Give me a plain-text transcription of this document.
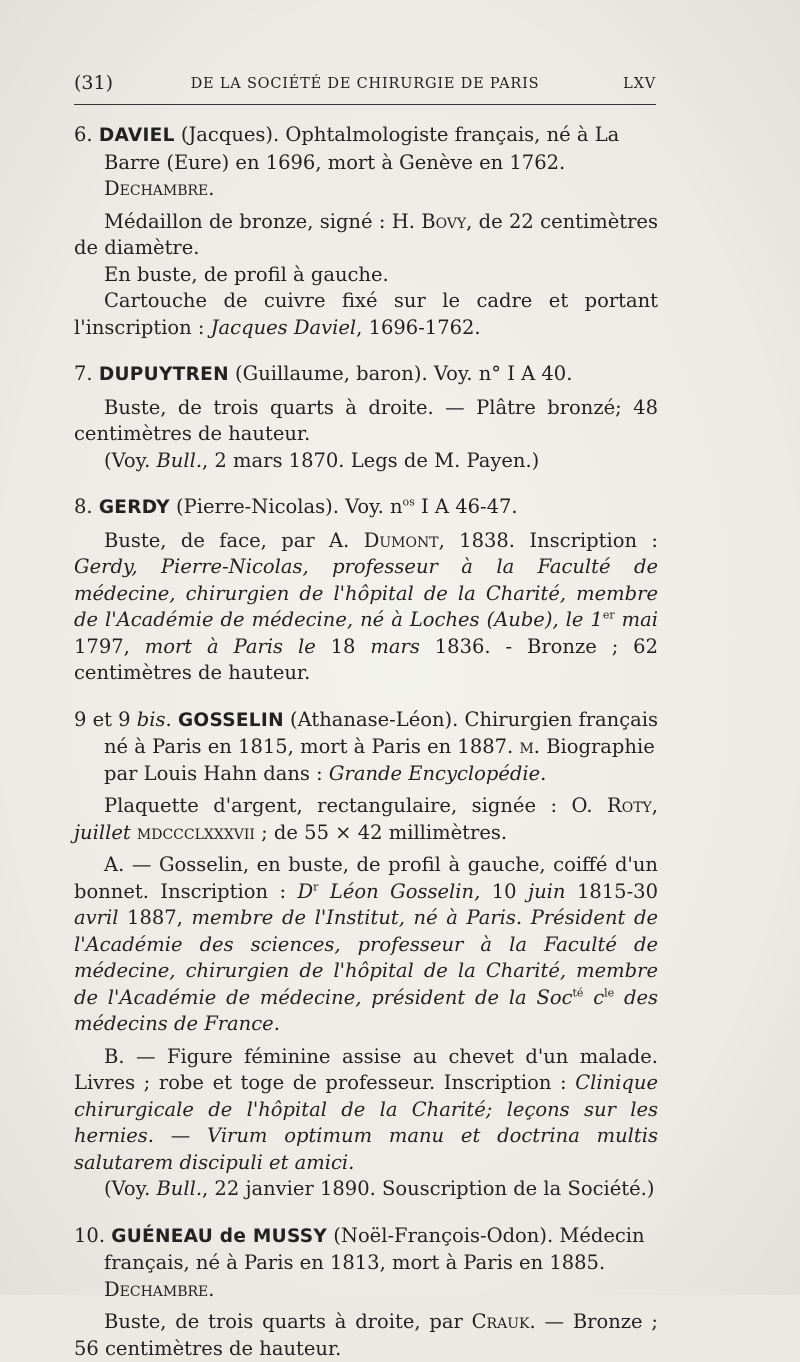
(31)	DE LA SOCIÉTÉ DE CHIRURGIE DE PARIS	LXV
6. DAVIEL (Jacques). Ophtalmologiste français, né à La Barre (Eure) en 1696, mort à Genève en 1762. Dechambre.
Médaillon de bronze, signé : H. Bovy, de 22 centimètres de diamètre.
En buste, de profil à gauche.
Cartouche de cuivre fixé sur le cadre et portant l'inscription : Jacques Daviel, 1696-1762.
7. DUPUYTREN (Guillaume, baron). Voy. n° I A 40.
Buste, de trois quarts à droite. — Plâtre bronzé; 48 centimètres de hauteur.
(Voy. Bull., 2 mars 1870. Legs de M. Payen.)
8. GERDY (Pierre-Nicolas). Voy. $n^{os}$ I A 46-47.
Buste, de face, par A. Dumont, 1838. Inscription : Gerdy, Pierre-Nicolas, professeur à la Faculté de médecine, chirurgien de l'hôpital de la Charité, membre de l'Académie de médecine, né à Loches (Aube), le 1er mai 1797, mort à Paris le 18 mars 1836. - Bronze ; 62 centimètres de hauteur.
9 et 9 bis. GOSSELIN (Athanase-Léon). Chirurgien français né à Paris en 1815, mort à Paris en 1887. m. Biographie par Louis Hahn dans : Grande Encyclopédie.
Plaquette d'argent, rectangulaire, signée : O. Roty, juillet mdccclxxxvii ; de 55 × 42 millimètres.
A. — Gosselin, en buste, de profil à gauche, coiffé d'un bonnet. Inscription : $D^r$ Léon Gosselin, 10 juin 1815-30 avril 1887, membre de l'Institut, né à Paris. Président de l'Académie des sciences, professeur à la Faculté de médecine, chirurgien de l'hôpital de la Charité, membre de l'Académie de médecine, président de la Soc$^{té}$ $c^{le}$ des médecins de France.
B. — Figure féminine assise au chevet d'un malade. Livres ; robe et toge de professeur. Inscription : Clinique chirurgicale de l'hôpital de la Charité; leçons sur les hernies. — Virum optimum manu et doctrina multis salutarem discipuli et amici.
(Voy. Bull., 22 janvier 1890. Souscription de la Société.)
10. GUÉNEAU de MUSSY (Noël-François-Odon). Médecin français, né à Paris en 1813, mort à Paris en 1885. Dechambre.
Buste, de trois quarts à droite, par Crauk. — Bronze ; 56 centimètres de hauteur.
